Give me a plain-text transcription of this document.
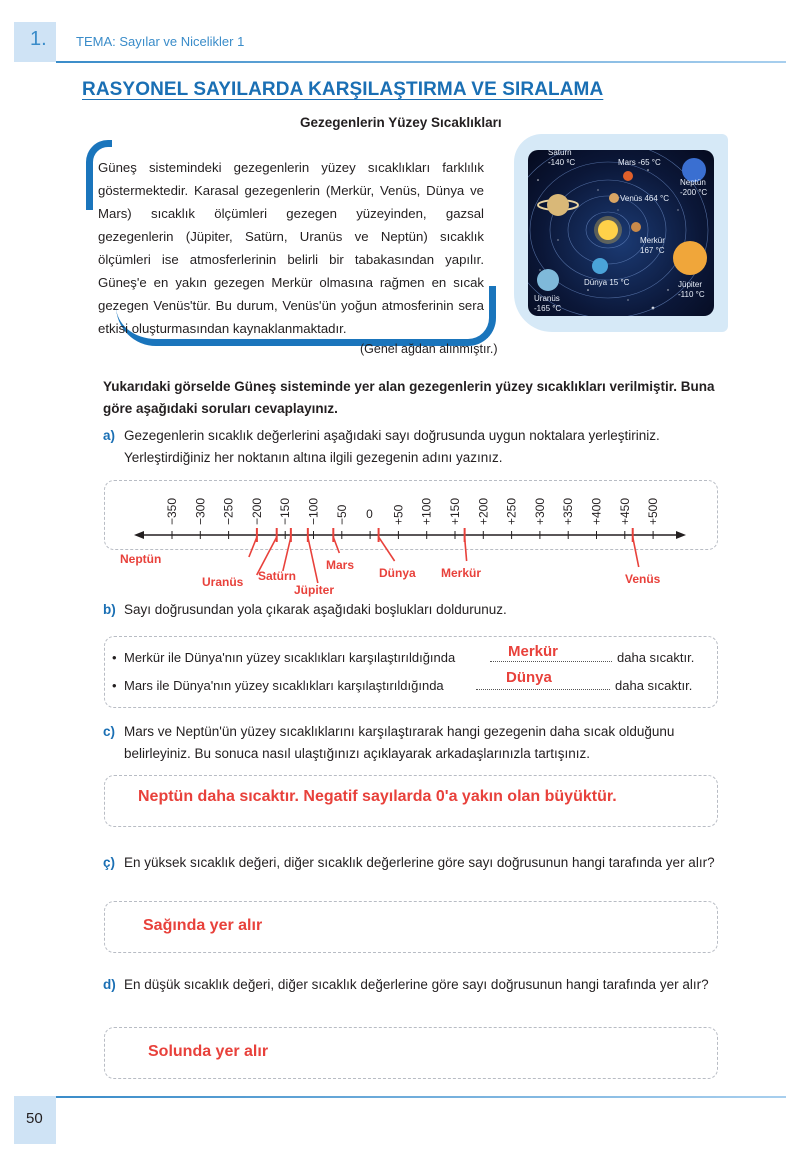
1. TEMA: Sayılar ve Nicelikler 1
RASYONEL SAYILARDA KARŞILAŞTIRMA VE SIRALAMA
Gezegenlerin Yüzey Sıcaklıkları
Güneş sistemindeki gezegenlerin yüzey sıcaklıkları farklılık göstermektedir. Karasal gezegenlerin (Merkür, Venüs, Dünya ve Mars) sıcaklık ölçümleri gezegen yüzeyinden, gazsal gezegenlerin (Jüpiter, Satürn, Uranüs ve Neptün) sıcaklık ölçümleri ise atmosferlerinin belirli bir tabakasından yapılır. Güneş'e en yakın gezegen Merkür olmasına rağmen en sıcak gezegen Venüs'tür. Bu durum, Venüs'ün yoğun atmosferinin sera etkisi oluşturmasından kaynaklanmaktadır.
(Genel ağdan alınmıştır.)
Satürn
-140 °C	Mars -65 °C
Neptün
-200 °C
Venüs 464 °C
Merkür
167 °C
Dünya 15 °C	Jüpiter
-110 °C
Uranüs
-165 °C
Yukarıdaki görselde Güneş sisteminde yer alan gezegenlerin yüzey sıcaklıkları verilmiştir. Buna göre aşağıdaki soruları cevaplayınız.
a) Gezegenlerin sıcaklık değerlerini aşağıdaki sayı doğrusunda uygun noktalara yerleştiriniz. Yerleştirdiğiniz her noktanın altına ilgili gezegenin adını yazınız.
−350 −300 −250 −200 −150 −100 −50 0 +50 +100 +150 +200 +250 +300 +350 +400 +450 +500
Neptün
Uranüs Satürn
Jüpiter
Mars
Dünya Merkür	Venüs
b) Sayı doğrusundan yola çıkarak aşağıdaki boşlukları doldurunuz.
• Merkür ile Dünya'nın yüzey sıcaklıkları karşılaştırıldığında	Merkür	daha sıcaktır.
• Mars ile Dünya'nın yüzey sıcaklıkları karşılaştırıldığında	Dünya	daha sıcaktır.
c) Mars ve Neptün'ün yüzey sıcaklıklarını karşılaştırarak hangi gezegenin daha sıcak olduğunu belirleyiniz. Bu sonuca nasıl ulaştığınızı açıklayarak arkadaşlarınızla tartışınız.
Neptün daha sıcaktır. Negatif sayılarda 0'a yakın olan büyüktür.
ç) En yüksek sıcaklık değeri, diğer sıcaklık değerlerine göre sayı doğrusunun hangi tarafında yer alır?
Sağında yer alır
d) En düşük sıcaklık değeri, diğer sıcaklık değerlerine göre sayı doğrusunun hangi tarafında yer alır?
Solunda yer alır
50
